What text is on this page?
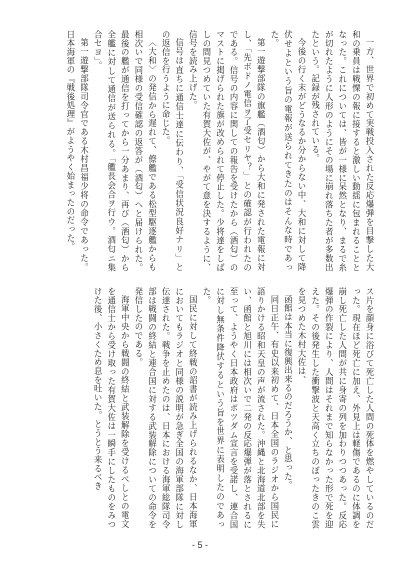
一方、世界で初めて実戦投入された反応爆弾を目撃した大和の乗員は戦慄の報に接すると激しい動揺に包まれることとなった。これについては、皆が一様に呆然となり、まるで糸が切れたように人形のようにその場に崩れ落ちた者が多数出たという。記録が残されている。

今後の行く末がどうなるか分からない中、大和に対して降伏せよという旨の電報が送られてきたのはそんな時であった。

第一遊撃部隊の旗艦（酒匂）から大和に発された電報に対し、「先ボドノ電信ヲ了受セリヤ？」との確認が行われたのである。信号の内容に関しての報告を受けたから（酒匂）のマストに掲げられた旗が改められて停止した。少将達をしばしの間見つめていた有賀大佐が、やがて意を決するように、信号を読み上げた。

信号は直ちに通信士達に伝わり、「受信状況良好ナリ」との返信を行うように命じた。

〈大和〉の発信から遅れて、僚艦である松型駆逐艦からも相次いで同様の受信確認の返答が（酒匂）へと届けられた。最後の艦が通信を打ってから一分あまり、再び（酒匂）から全艦に対して通信が送られる。「艦長会合ヲ行ウ。酒匂ニ集合セヨ」。

第一遊撃部隊司令官である木村昌福少将の命令であった。日本海軍の『戦後処理』がようやく始まったのだった。

ス片を顔身に浴びて死亡した人間の死体を燃やしているのだった。現在ほど死亡に加え、外見上は軽傷であるのに体調を崩し死亡した人間が共に身寄の列を加わりつつあった。反応爆弾の作裂により、人間はそれまで知らなかった形で死を迎えた。その後発生した衝撃波と天高く立ちのぼったきのこ雲を見つめた木村大佐は、

函館は本当に復興出来るのだろうか、と思った。

同日正午、有史以来初めて、日本全国のラジオから国民に語りかける昭和天皇の声が流された。沖縄と北海道北部を失い、函館と旭川には相次いで二発の反応爆弾が落とされるに至って、ようやく日本政府はポツダム宣言を受諾し、連合国に対し無条件降伏するという旨を世界に表明したのであった。

国民に対して終戦の詔書が読み上げられるなか、日本海軍においてもラジオと同様の説明が急ぎ全国の海軍部隊に対し伝達された。戦争を止めたのは、日本における海軍総隊司令部は戦闘の終結と連合国に対する武装解除についての命令を発信したのである。

海軍中央から戦闘の終結と武装解除を受けるべしとの電文を通信士から受け取った有賀大佐は一瞬手にしたものをみつけた後、小さくため息を吐いた。とうとう来るべき

- 5 -
